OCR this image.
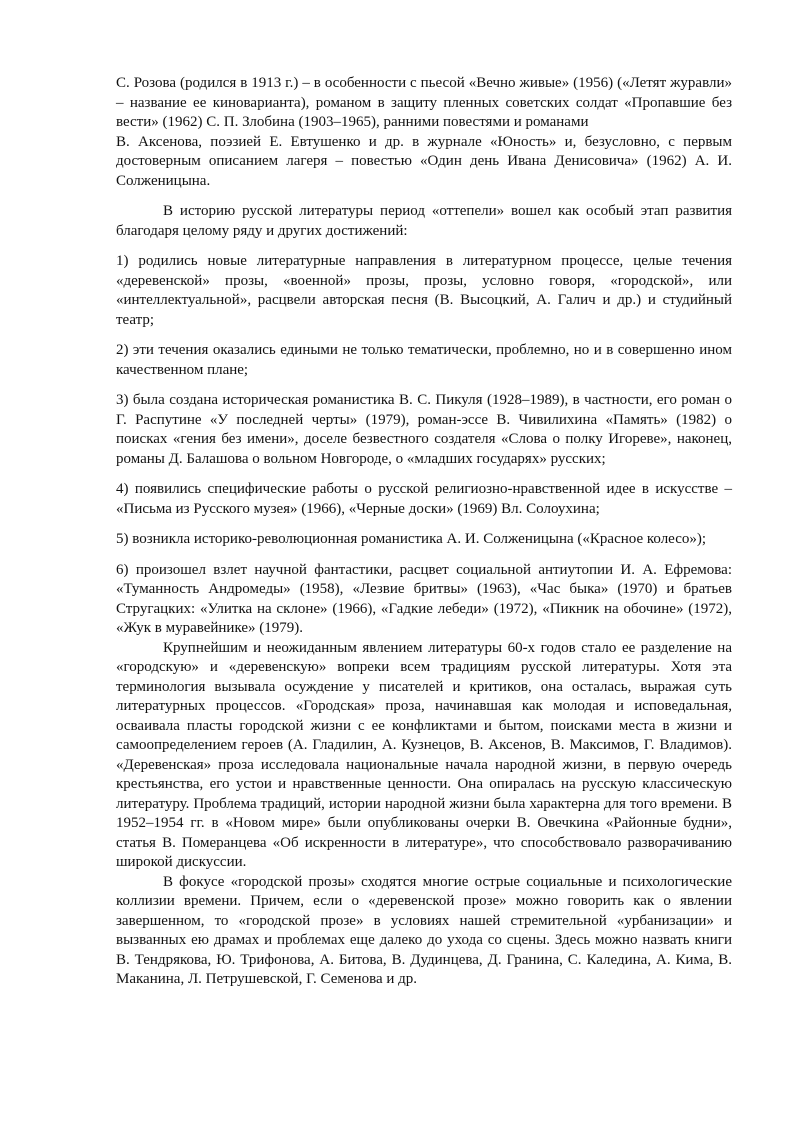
С. Розова (родился в 1913 г.) – в особенности с пьесой «Вечно живые» (1956) («Летят журавли» – название ее киноварианта), романом в защиту пленных советских солдат «Пропавшие без вести» (1962) С. П. Злобина (1903–1965), ранними повестями и романами

В. Аксенова, поэзией Е. Евтушенко и др. в журнале «Юность» и, безусловно, с первым достоверным описанием лагеря – повестью «Один день Ивана Денисовича» (1962) А. И. Солженицына.

В историю русской литературы период «оттепели» вошел как особый этап развития благодаря целому ряду и других достижений:

1) родились новые литературные направления в литературном процессе, целые течения «деревенской» прозы, «военной» прозы, прозы, условно говоря, «городской», или «интеллектуальной», расцвели авторская песня (В. Высоцкий, А. Галич и др.) и студийный театр;

2) эти течения оказались едиными не только тематически, проблемно, но и в совершенно ином качественном плане;

3) была создана историческая романистика В. С. Пикуля (1928–1989), в частности, его роман о Г. Распутине «У последней черты» (1979), роман-эссе В. Чивилихина «Память» (1982) о поисках «гения без имени», доселе безвестного создателя «Слова о полку Игореве», наконец, романы Д. Балашова о вольном Новгороде, о «младших государях» русских;

4) появились специфические работы о русской религиозно-нравственной идее в искусстве – «Письма из Русского музея» (1966), «Черные доски» (1969) Вл. Солоухина;

5) возникла историко-революционная романистика А. И. Солженицына («Красное колесо»);

6) произошел взлет научной фантастики, расцвет социальной антиутопии И. А. Ефремова: «Туманность Андромеды» (1958), «Лезвие бритвы» (1963), «Час быка» (1970) и братьев Стругацких: «Улитка на склоне» (1966), «Гадкие лебеди» (1972), «Пикник на обочине» (1972), «Жук в муравейнике» (1979).

Крупнейшим и неожиданным явлением литературы 60-х годов стало ее разделение на «городскую» и «деревенскую» вопреки всем традициям русской литературы. Хотя эта терминология вызывала осуждение у писателей и критиков, она осталась, выражая суть литературных процессов. «Городская» проза, начинавшая как молодая и исповедальная, осваивала пласты городской жизни с ее конфликтами и бытом, поисками места в жизни и самоопределением героев (А. Гладилин, А. Кузнецов, В. Аксенов, В. Максимов, Г. Владимов). «Деревенская» проза исследовала национальные начала народной жизни, в первую очередь крестьянства, его устои и нравственные ценности. Она опиралась на русскую классическую литературу. Проблема традиций, истории народной жизни была характерна для того времени. В 1952–1954 гг. в «Новом мире» были опубликованы очерки В. Овечкина «Районные будни», статья В. Померанцева «Об искренности в литературе», что способствовало разворачиванию широкой дискуссии.

В фокусе «городской прозы» сходятся многие острые социальные и психологические коллизии времени. Причем, если о «деревенской прозе» можно говорить как о явлении завершенном, то «городской прозе» в условиях нашей стремительной «урбанизации» и вызванных ею драмах и проблемах еще далеко до ухода со сцены. Здесь можно назвать книги В. Тендрякова, Ю. Трифонова, А. Битова, В. Дудинцева, Д. Гранина, С. Каледина, А. Кима, В. Маканина, Л. Петрушевской, Г. Семенова и др.
